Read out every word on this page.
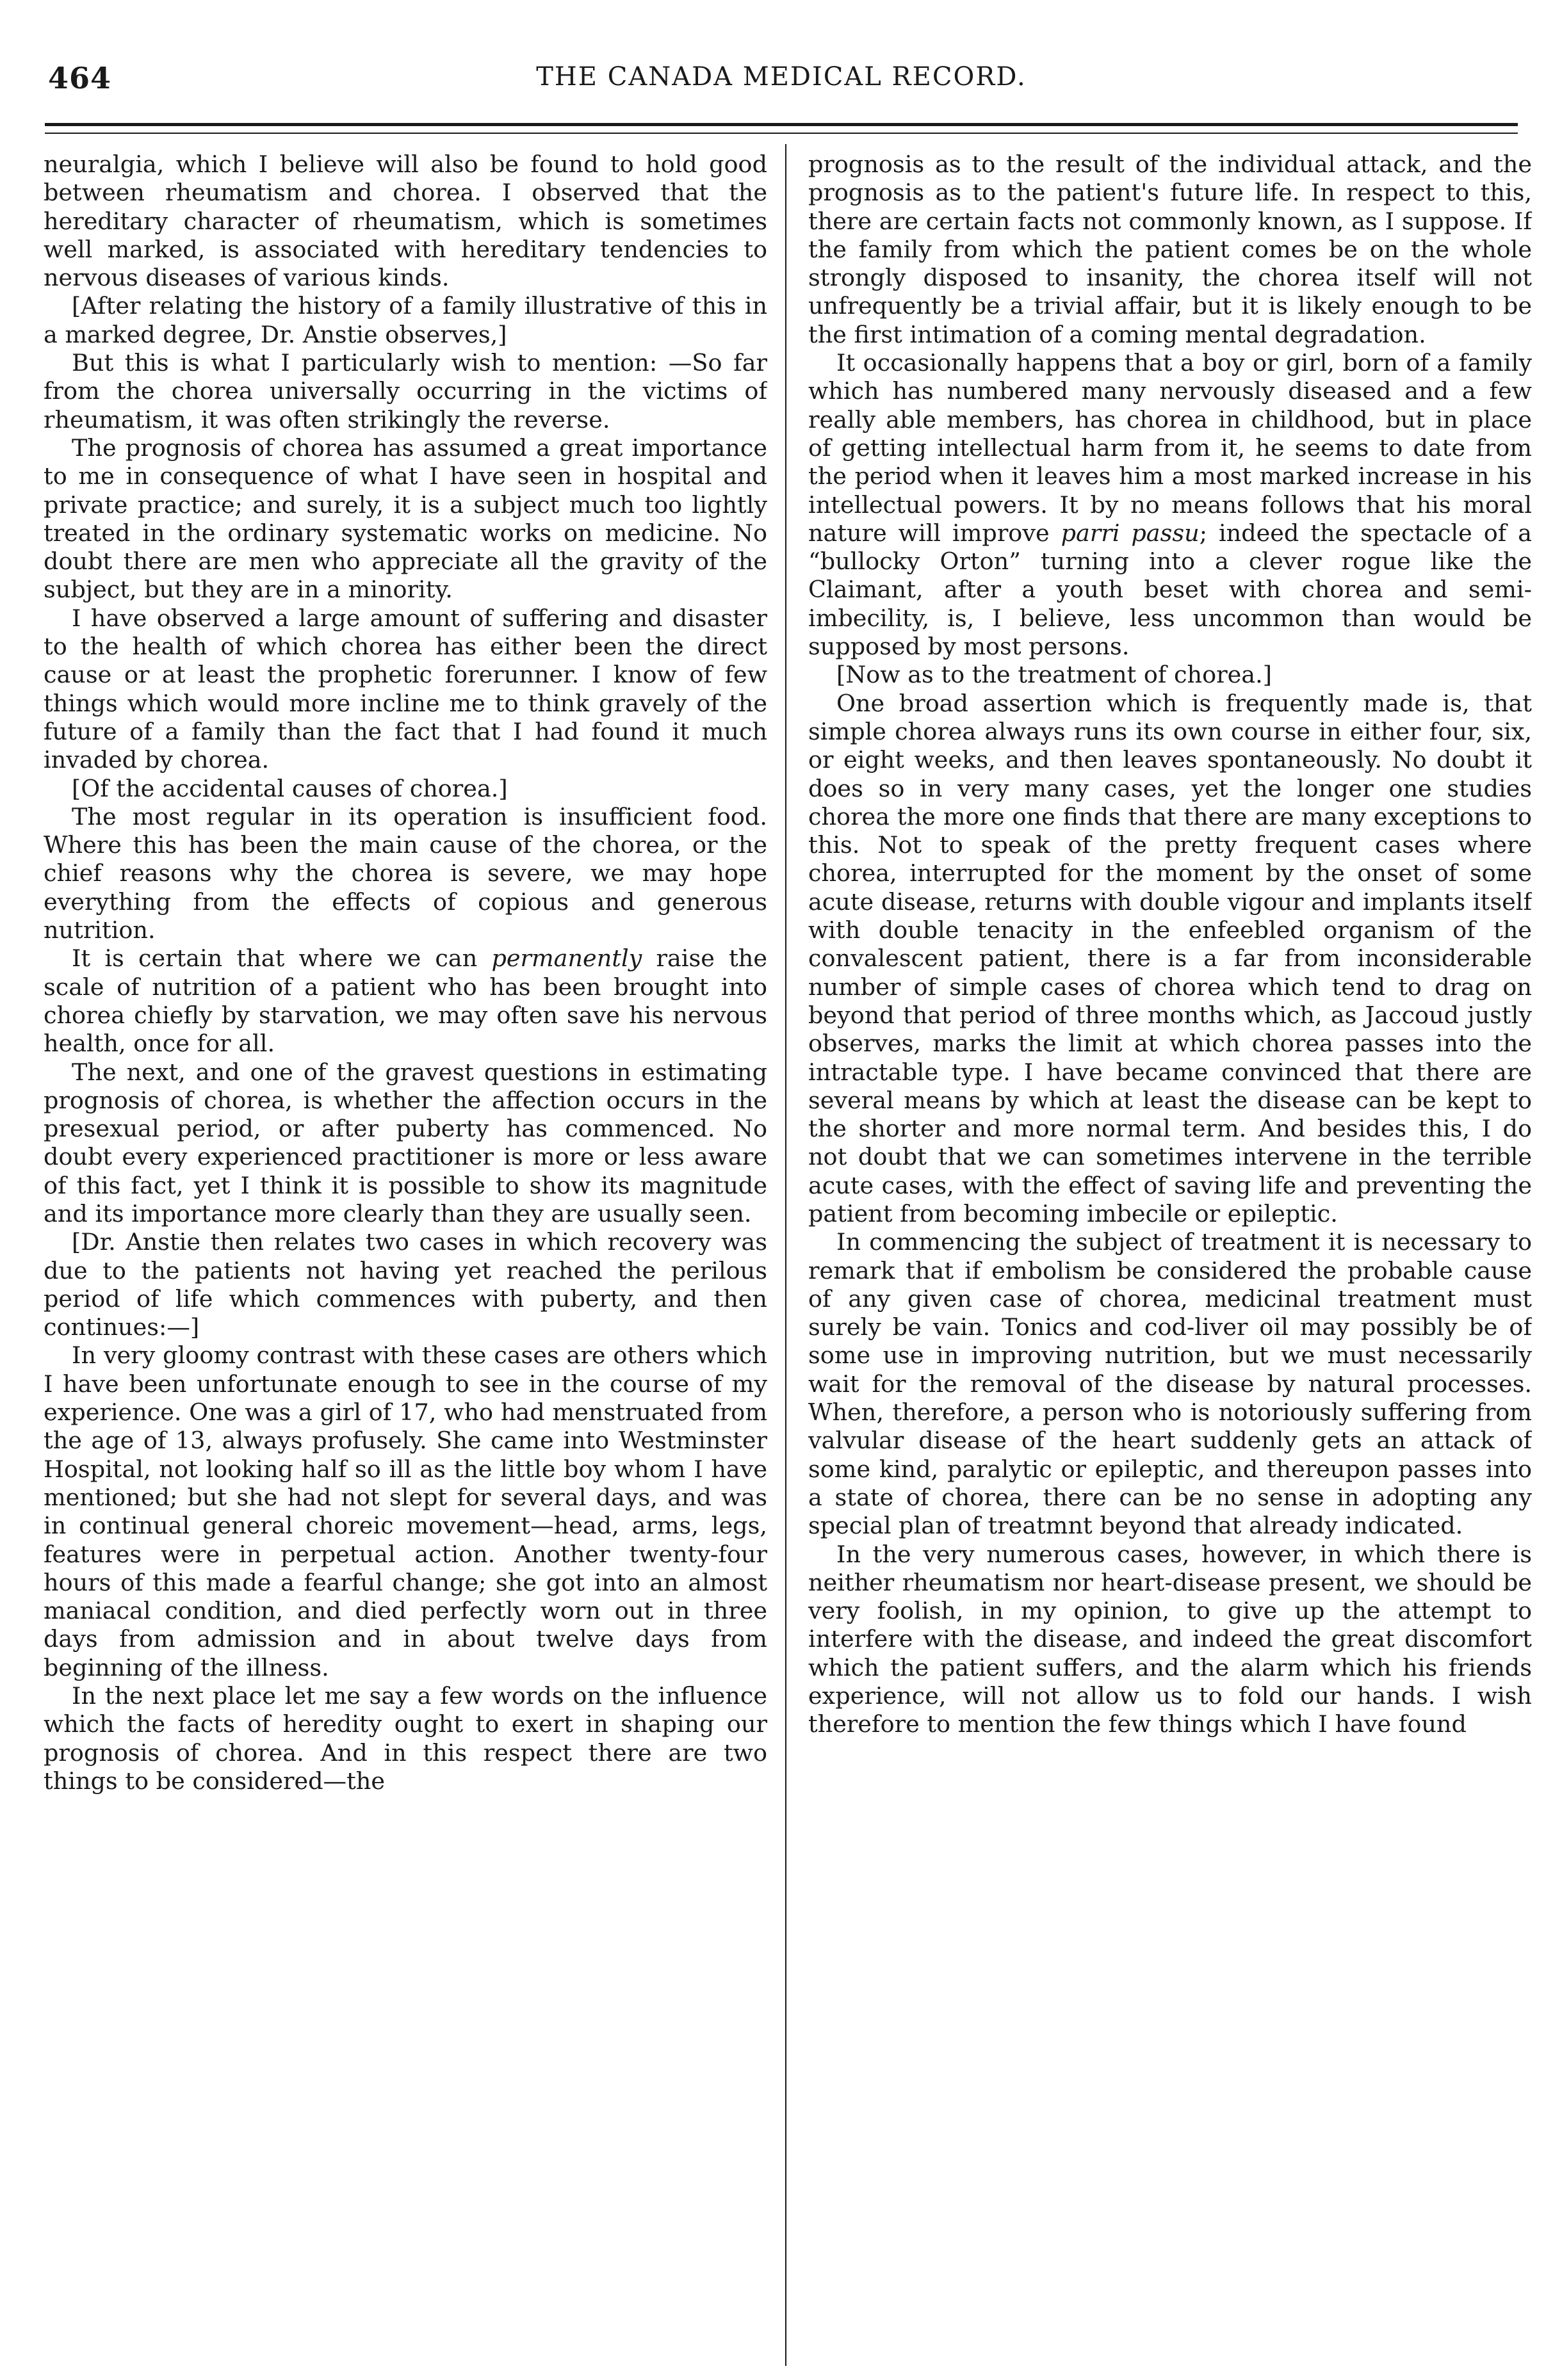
464	THE CANADA MEDICAL RECORD.

neuralgia, which I believe will also be found to hold good between rheumatism and chorea. I observed that the hereditary character of rheumatism, which is sometimes well marked, is associated with hereditary tendencies to nervous diseases of various kinds.

[After relating the history of a family illustrative of this in a marked degree, Dr. Anstie observes,]

But this is what I particularly wish to mention: —So far from the chorea universally occurring in the victims of rheumatism, it was often strikingly the reverse.

The prognosis of chorea has assumed a great importance to me in consequence of what I have seen in hospital and private practice; and surely, it is a subject much too lightly treated in the ordinary systematic works on medicine. No doubt there are men who appreciate all the gravity of the subject, but they are in a minority.

I have observed a large amount of suffering and disaster to the health of which chorea has either been the direct cause or at least the prophetic forerunner. I know of few things which would more incline me to think gravely of the future of a family than the fact that I had found it much invaded by chorea.

[Of the accidental causes of chorea.]

The most regular in its operation is insufficient food. Where this has been the main cause of the chorea, or the chief reasons why the chorea is severe, we may hope everything from the effects of copious and generous nutrition.

It is certain that where we can permanently raise the scale of nutrition of a patient who has been brought into chorea chiefly by starvation, we may often save his nervous health, once for all.

The next, and one of the gravest questions in estimating prognosis of chorea, is whether the affection occurs in the presexual period, or after puberty has commenced. No doubt every experienced practitioner is more or less aware of this fact, yet I think it is possible to show its magnitude and its importance more clearly than they are usually seen.

[Dr. Anstie then relates two cases in which recovery was due to the patients not having yet reached the perilous period of life which commences with puberty, and then continues:—]

In very gloomy contrast with these cases are others which I have been unfortunate enough to see in the course of my experience. One was a girl of 17, who had menstruated from the age of 13, always profusely. She came into Westminster Hospital, not looking half so ill as the little boy whom I have mentioned; but she had not slept for several days, and was in continual general choreic movement—head, arms, legs, features were in perpetual action. Another twenty-four hours of this made a fearful change; she got into an almost maniacal condition, and died perfectly worn out in three days from admission and in about twelve days from beginning of the illness.

In the next place let me say a few words on the influence which the facts of heredity ought to exert in shaping our prognosis of chorea. And in this respect there are two things to be considered—the

prognosis as to the result of the individual attack, and the prognosis as to the patient's future life. In respect to this, there are certain facts not commonly known, as I suppose. If the family from which the patient comes be on the whole strongly disposed to insanity, the chorea itself will not unfrequently be a trivial affair, but it is likely enough to be the first intimation of a coming mental degradation.

It occasionally happens that a boy or girl, born of a family which has numbered many nervously diseased and a few really able members, has chorea in childhood, but in place of getting intellectual harm from it, he seems to date from the period when it leaves him a most marked increase in his intellectual powers. It by no means follows that his moral nature will improve parri passu; indeed the spectacle of a “bullocky Orton” turning into a clever rogue like the Claimant, after a youth beset with chorea and semi-imbecility, is, I believe, less uncommon than would be supposed by most persons.

[Now as to the treatment of chorea.]

One broad assertion which is frequently made is, that simple chorea always runs its own course in either four, six, or eight weeks, and then leaves spontaneously. No doubt it does so in very many cases, yet the longer one studies chorea the more one finds that there are many exceptions to this. Not to speak of the pretty frequent cases where chorea, interrupted for the moment by the onset of some acute disease, returns with double vigour and implants itself with double tenacity in the enfeebled organism of the convalescent patient, there is a far from inconsiderable number of simple cases of chorea which tend to drag on beyond that period of three months which, as Jaccoud justly observes, marks the limit at which chorea passes into the intractable type. I have became convinced that there are several means by which at least the disease can be kept to the shorter and more normal term. And besides this, I do not doubt that we can sometimes intervene in the terrible acute cases, with the effect of saving life and preventing the patient from becoming imbecile or epileptic.

In commencing the subject of treatment it is necessary to remark that if embolism be considered the probable cause of any given case of chorea, medicinal treatment must surely be vain. Tonics and cod-liver oil may possibly be of some use in improving nutrition, but we must necessarily wait for the removal of the disease by natural processes. When, therefore, a person who is notoriously suffering from valvular disease of the heart suddenly gets an attack of some kind, paralytic or epileptic, and thereupon passes into a state of chorea, there can be no sense in adopting any special plan of treatmnt beyond that already indicated.

In the very numerous cases, however, in which there is neither rheumatism nor heart-disease present, we should be very foolish, in my opinion, to give up the attempt to interfere with the disease, and indeed the great discomfort which the patient suffers, and the alarm which his friends experience, will not allow us to fold our hands. I wish therefore to mention the few things which I have found
